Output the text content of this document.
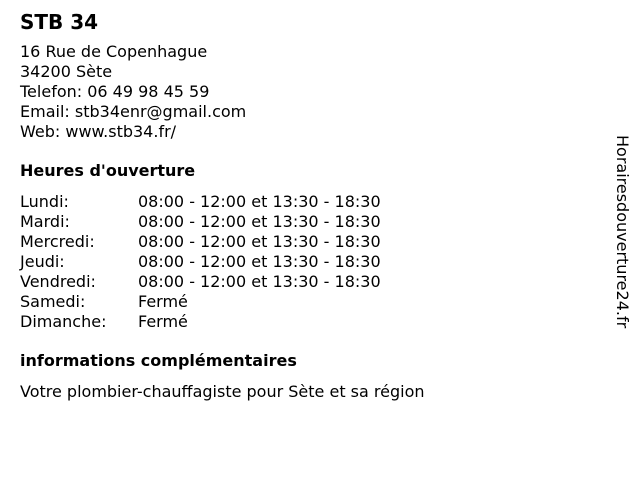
STB 34
16 Rue de Copenhague
34200 Sète
Telefon: 06 49 98 45 59
Email: stb34enr@gmail.com
Web: www.stb34.fr/
Heures d'ouverture
Lundi:	08:00 - 12:00 et 13:30 - 18:30
Mardi:	08:00 - 12:00 et 13:30 - 18:30
Mercredi:	08:00 - 12:00 et 13:30 - 18:30
Jeudi:	08:00 - 12:00 et 13:30 - 18:30
Vendredi:	08:00 - 12:00 et 13:30 - 18:30
Samedi:	Fermé
Dimanche:	Fermé
informations complémentaires
Votre plombier-chauffagiste pour Sète et sa région
Horairesdouverture24.fr
